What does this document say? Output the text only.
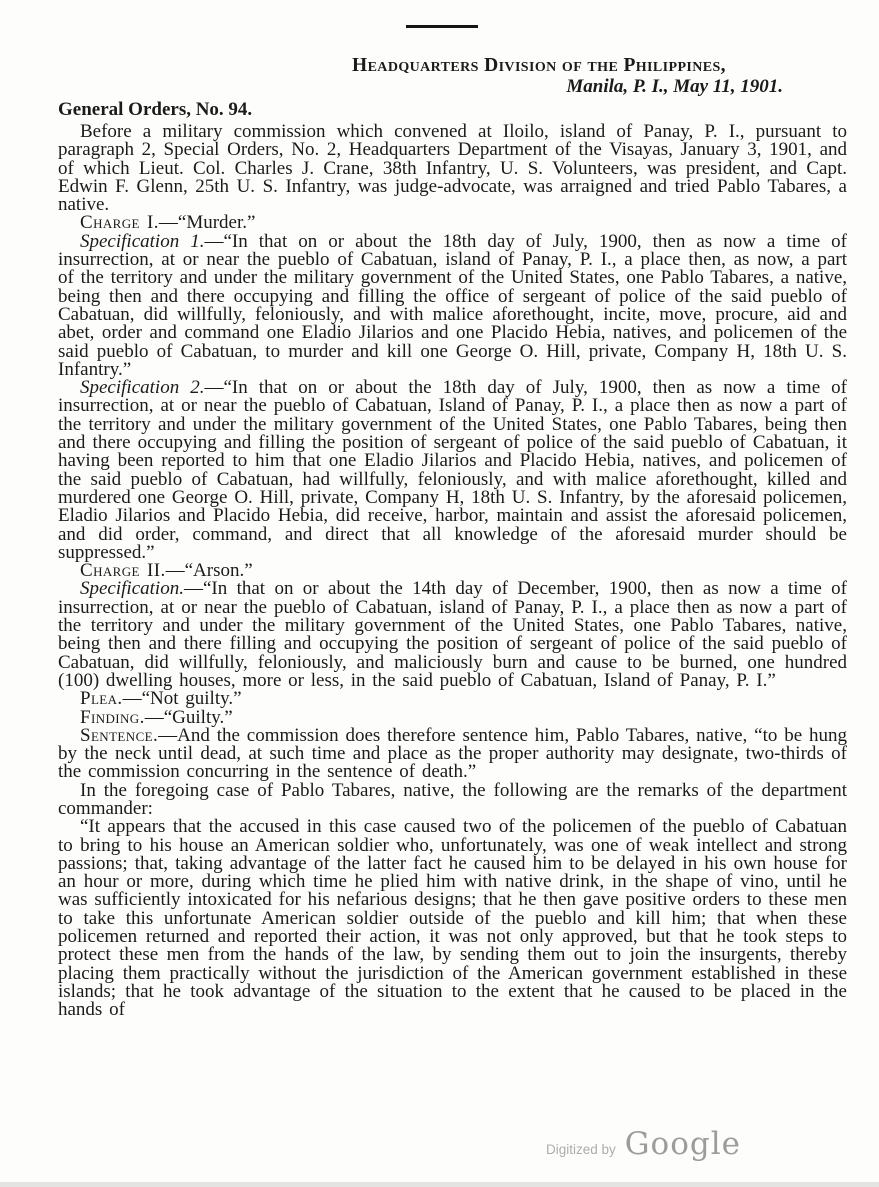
Headquarters Division of the Philippines,
Manila, P. I., May 11, 1901.
General Orders, No. 94.

Before a military commission which convened at Iloilo, island of Panay, P. I., pursuant to paragraph 2, Special Orders, No. 2, Headquarters Department of the Visayas, January 3, 1901, and of which Lieut. Col. Charles J. Crane, 38th Infantry, U. S. Volunteers, was president, and Capt. Edwin F. Glenn, 25th U. S. Infantry, was judge-advocate, was arraigned and tried Pablo Tabares, a native.

Charge I.—“Murder.”

Specification 1.—“In that on or about the 18th day of July, 1900, then as now a time of insurrection, at or near the pueblo of Cabatuan, island of Panay, P. I., a place then, as now, a part of the territory and under the military government of the United States, one Pablo Tabares, a native, being then and there occupying and filling the office of sergeant of police of the said pueblo of Cabatuan, did willfully, feloniously, and with malice aforethought, incite, move, procure, aid and abet, order and command one Eladio Jilarios and one Placido Hebia, natives, and policemen of the said pueblo of Cabatuan, to murder and kill one George O. Hill, private, Company H, 18th U. S. Infantry.”

Specification 2.—“In that on or about the 18th day of July, 1900, then as now a time of insurrection, at or near the pueblo of Cabatuan, Island of Panay, P. I., a place then as now a part of the territory and under the military government of the United States, one Pablo Tabares, being then and there occupying and filling the position of sergeant of police of the said pueblo of Cabatuan, it having been reported to him that one Eladio Jilarios and Placido Hebia, natives, and policemen of the said pueblo of Cabatuan, had willfully, feloniously, and with malice aforethought, killed and murdered one George O. Hill, private, Company H, 18th U. S. Infantry, by the aforesaid policemen, Eladio Jilarios and Placido Hebia, did receive, harbor, maintain and assist the aforesaid policemen, and did order, command, and direct that all knowledge of the aforesaid murder should be suppressed.”

Charge II.—“Arson.”

Specification.—“In that on or about the 14th day of December, 1900, then as now a time of insurrection, at or near the pueblo of Cabatuan, island of Panay, P. I., a place then as now a part of the territory and under the military government of the United States, one Pablo Tabares, native, being then and there filling and occupying the position of sergeant of police of the said pueblo of Cabatuan, did willfully, feloniously, and maliciously burn and cause to be burned, one hundred (100) dwelling houses, more or less, in the said pueblo of Cabatuan, Island of Panay, P. I.”

Plea.—“Not guilty.”

Finding.—“Guilty.”

Sentence.—And the commission does therefore sentence him, Pablo Tabares, native, “to be hung by the neck until dead, at such time and place as the proper authority may designate, two-thirds of the commission concurring in the sentence of death.”

In the foregoing case of Pablo Tabares, native, the following are the remarks of the department commander:

“It appears that the accused in this case caused two of the policemen of the pueblo of Cabatuan to bring to his house an American soldier who, unfortunately, was one of weak intellect and strong passions; that, taking advantage of the latter fact he caused him to be delayed in his own house for an hour or more, during which time he plied him with native drink, in the shape of vino, until he was sufficiently intoxicated for his nefarious designs; that he then gave positive orders to these men to take this unfortunate American soldier outside of the pueblo and kill him; that when these policemen returned and reported their action, it was not only approved, but that he took steps to protect these men from the hands of the law, by sending them out to join the insurgents, thereby placing them practically without the jurisdiction of the American government established in these islands; that he took advantage of the situation to the extent that he caused to be placed in the hands of

Digitized by Google
